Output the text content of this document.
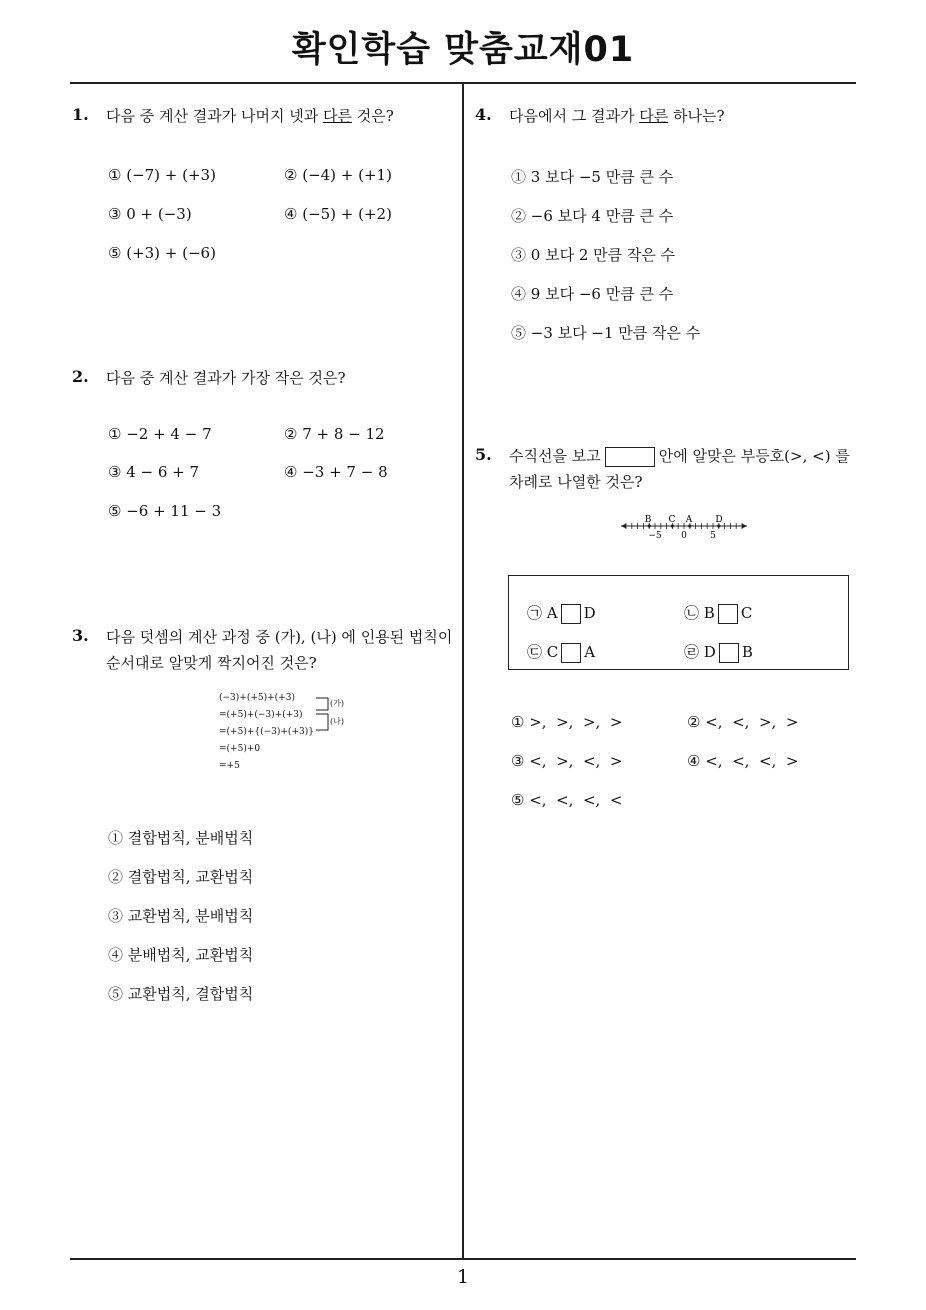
확인학습 맞춤교재01
1
1. 다음 중 계산 결과가 나머지 넷과 다른 것은?
① (−7) + (+3)	② (−4) + (+1)
③ 0 + (−3)	④ (−5) + (+2)
⑤ (+3) + (−6)
2. 다음 중 계산 결과가 가장 작은 것은?
① −2 + 4 − 7	② 7 + 8 − 12
③ 4 − 6 + 7	④ −3 + 7 − 8
⑤ −6 + 11 − 3
3. 다음 덧셈의 계산 과정 중 (가), (나) 에 인용된 법칙이
순서대로 알맞게 짝지어진 것은?
(−3)+(+5)+(+3)
=(+5)+(−3)+(+3)
=(+5)+{(−3)+(+3)}
=(+5)+0
=+5
(가)
(나)
① 결합법칙, 분배법칙
② 결합법칙, 교환법칙
③ 교환법칙, 분배법칙
④ 분배법칙, 교환법칙
⑤ 교환법칙, 결합법칙
4. 다음에서 그 결과가 다른 하나는?
① 3 보다 −5 만큼 큰 수
② −6 보다 4 만큼 큰 수
③ 0 보다 2 만큼 작은 수
④ 9 보다 −6 만큼 큰 수
⑤ −3 보다 −1 만큼 작은 수
5. 수직선을 보고	안에 알맞은 부등호(>, <) 를
차례로 나열한 것은?
B C A	D
−5 0	5
㉠ A D	㉡ B C
㉢ C A	㉣ D B
① >,  >,  >,  >	② <,  <,  >,  >
③ <,  >,  <,  >	④ <,  <,  <,  >
⑤ <,  <,  <,  <
